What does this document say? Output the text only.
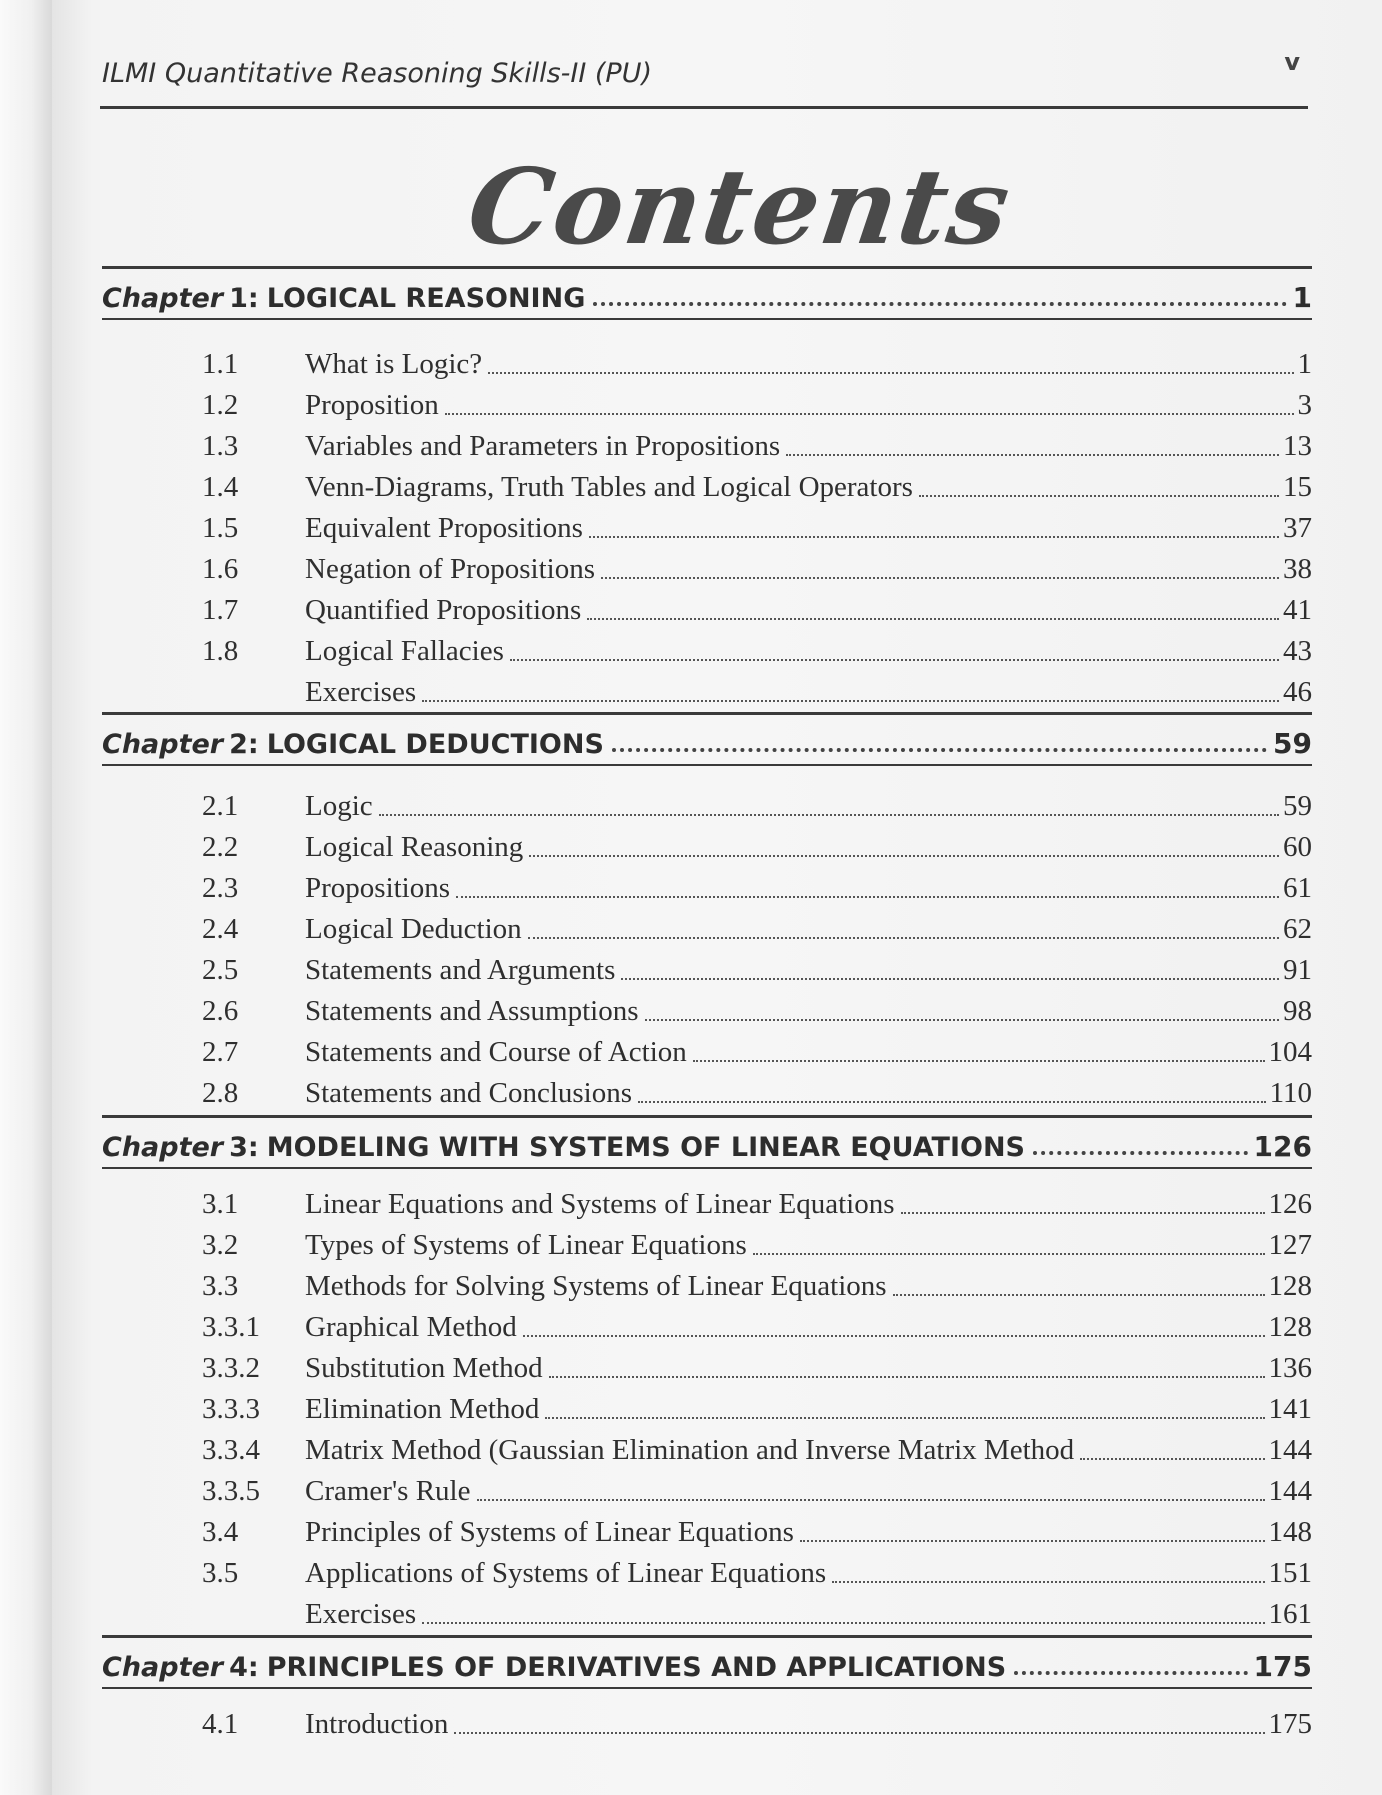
ILMI Quantitative Reasoning Skills-II (PU)	v
Contents
Chapter 1: LOGICAL REASONING	1
1.1	What is Logic?	1
1.2	Proposition	3
1.3	Variables and Parameters in Propositions	13
1.4	Venn-Diagrams, Truth Tables and Logical Operators	15
1.5	Equivalent Propositions	37
1.6	Negation of Propositions	38
1.7	Quantified Propositions	41
1.8	Logical Fallacies	43
Exercises	46
Chapter 2: LOGICAL DEDUCTIONS	59
2.1	Logic	59
2.2	Logical Reasoning	60
2.3	Propositions	61
2.4	Logical Deduction	62
2.5	Statements and Arguments	91
2.6	Statements and Assumptions	98
2.7	Statements and Course of Action	104
2.8	Statements and Conclusions	110
Chapter 3: MODELING WITH SYSTEMS OF LINEAR EQUATIONS	126
3.1	Linear Equations and Systems of Linear Equations	126
3.2	Types of Systems of Linear Equations	127
3.3	Methods for Solving Systems of Linear Equations	128
3.3.1	Graphical Method	128
3.3.2	Substitution Method	136
3.3.3	Elimination Method	141
3.3.4	Matrix Method (Gaussian Elimination and Inverse Matrix Method	144
3.3.5	Cramer's Rule	144
3.4	Principles of Systems of Linear Equations	148
3.5	Applications of Systems of Linear Equations	151
Exercises	161
Chapter 4: PRINCIPLES OF DERIVATIVES AND APPLICATIONS	175
4.1	Introduction	175
